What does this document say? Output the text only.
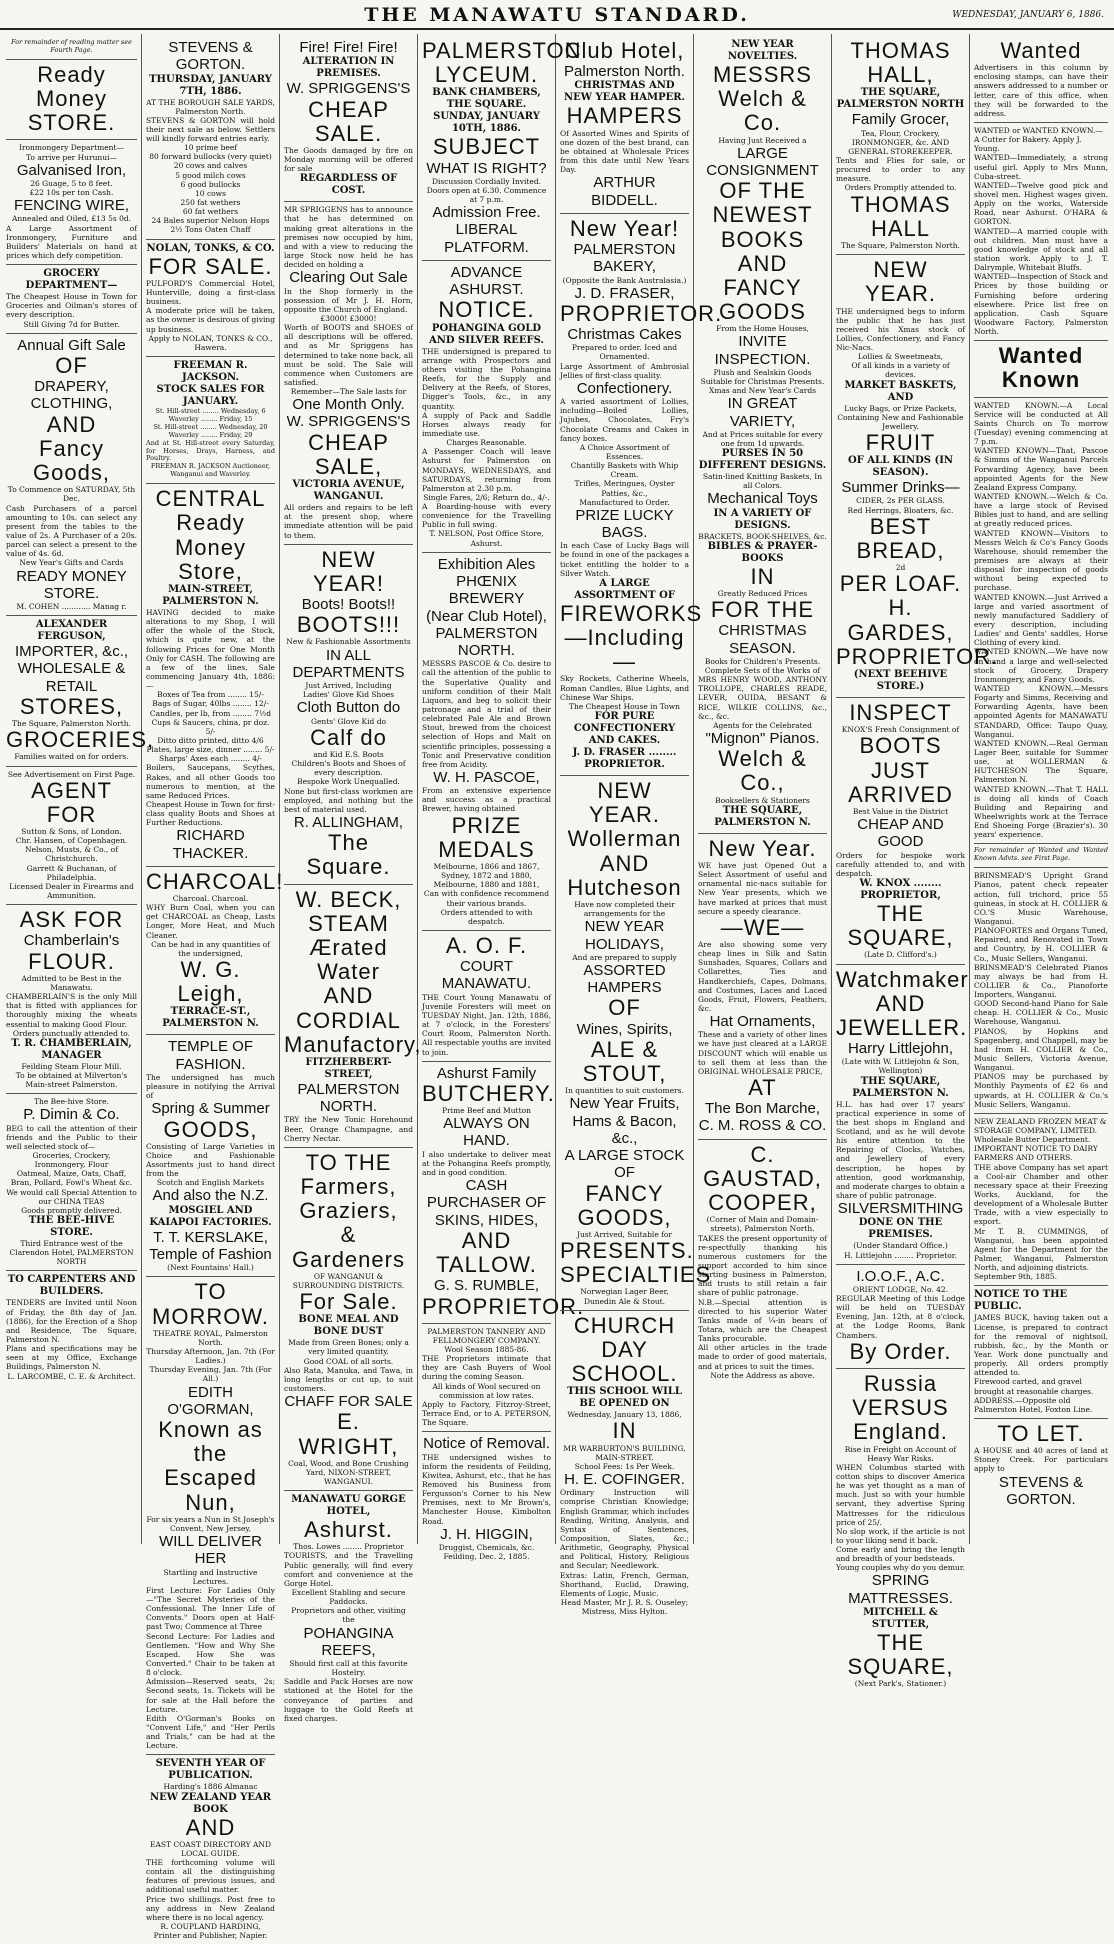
THE MANAWATU STANDARD.	WEDNESDAY, JANUARY 6, 1886.
For remainder of reading matter see Fourth Page.
Ready Money
STORE.
Ironmongery Department—
To arrive per Hurunui—
Galvanised Iron,
26 Guage, 5 to 8 feet.
£22 10s per ton Cash.
FENCING WIRE,
Annealed and Oiled, £13 5s 0d.
A Large Assortment of Ironmongery, Furniture and Builders' Materials on hand at prices which defy competition.
GROCERY DEPARTMENT—
The Cheapest House in Town for Groceries and Oilman's stores of every description.
Still Giving 7d for Butter.
Annual Gift Sale
OF
DRAPERY, CLOTHING,
AND
Fancy Goods,
To Commence on SATURDAY, 5th Dec.
Cash Purchasers of a parcel amounting to 10s. can select any present from the tables to the value of 2s. A Purchaser of a 20s. parcel can select a present to the value of 4s. 6d.
New Year's Gifts and Cards
READY MONEY STORE.
M. COHEN ............ Manag r.
ALEXANDER FERGUSON,
IMPORTER, &c.,
WHOLESALE & RETAIL
STORES,
The Square, Palmerston North.
GROCERIES,
Families waited on for orders.
See Advertisement on First Page.
AGENT FOR
Sutton & Sons, of London.
Chr. Hansen, of Copenhagen.
Nelson, Musts, & Co., of Christchurch.
Garrett & Buchanan, of Philadelphia.
Licensed Dealer in Firearms and Ammunition.
ASK FOR
Chamberlain's
FLOUR.
Admitted to be Best in the Manawatu.
CHAMBERLAIN'S is the only Mill that is fitted with appliances for thoroughly mixing the wheats essential to making Good Flour.
Orders punctually attended to.
T. R. CHAMBERLAIN, MANAGER
Feilding Steam Flour Mill.
To be obtained at Milverton's Main-street Palmerston.
The Bee-hive Store.
P. Dimin & Co.
BEG to call the attention of their friends and the Public to their well selected stock of—
Groceries, Crockery, Ironmongery, Flour
Oatmeal, Maize, Oats, Chaff, Bran, Pollard, Fowl's Wheat &c.
We would call Special Attention to our CHINA TEAS
Goods promptly delivered.
THE BEE-HIVE STORE.
Third Entrance west of the Clarendon Hotel, PALMERSTON NORTH
TO CARPENTERS AND BUILDERS.
TENDERS are Invited until Noon of Friday, the 8th day of Jan. (1886), for the Erection of a Shop and Residence, The Square, Palmerston N.
Plans and specifications may be seen at my Office, Exchange Buildings, Palmerston N.
L. LARCOMBE, C. E. & Architect.
STEVENS & GORTON.
THURSDAY, JANUARY 7TH, 1886.
AT THE BOROUGH SALE YARDS, Palmerston North.
STEVENS & GORTON will hold their next sale as below. Settlers will kindly forward entries early.
10 prime beef
80 forward bullocks (very quiet)
20 cows and calves
5 good milch cows
6 good bullocks
10 cows
250 fat wethers
60 fat wethers
24 Bales superior Nelson Hops
2½ Tons Oaten Chaff
NOLAN, TONKS, & CO.
FOR SALE.
PULFORD'S Commercial Hotel, Hunterville, doing a first-class business.
A moderate price will be taken, as the owner is desirous of giving up business.
Apply to NOLAN, TONKS & CO., Hawera.
FREEMAN R. JACKSON.
STOCK SALES FOR JANUARY.
St. Hill-street ........ Wednesday, 6
Waverley ........ Friday, 15
St. Hill-street ........ Wednesday, 20
Waverley ........ Friday, 29
And at St. Hill-street every Saturday, for Horses, Drays, Harness, and Poultry.
FREEMAN R. JACKSON Auctioneer, Wanganui and Waverley.
CENTRAL
Ready Money
Store,
MAIN-STREET, PALMERSTON N.
HAVING decided to make alterations to my Shop, I will offer the whole of the Stock, which is quite new, at the following Prices for One Month Only for CASH. The following are a few of the lines, Sale commencing January 4th, 1886:—
Boxes of Tea from ........ 15/-
Bags of Sugar, 40lbs ........ 12/-
Candles, per lb, from ........ 7½d
Cups & Saucers, china, pr doz. 5/-
Ditto ditto printed, ditto 4/6
Plates, large size, dinner ........ 5/-
Sharps' Axes each ........ 4/-
Boilers, Saucepans, Scythes, Rakes, and all other Goods too numerous to mention, at the same Reduced Prices.
Cheapest House in Town for first-class quality Boots and Shoes at Further Reductions.
RICHARD THACKER.
CHARCOAL!
Charcoal. Charcoal.
WHY Burn Coal, when you can get CHARCOAL as Cheap, Lasts Longer, More Heat, and Much Cleaner.
Can be had in any quantities of the undersigned,
W. G. Leigh,
TERRACE-ST., PALMERSTON N.
TEMPLE OF FASHION.
The undersigned has much pleasure in notifying the Arrival of
Spring & Summer
GOODS,
Consisting of Large Varieties in Choice and Fashionable Assortments just to hand direct from the
Scotch and English Markets
And also the N.Z.
MOSGIEL AND KAIAPOI FACTORIES.
T. T. KERSLAKE,
Temple of Fashion
(Next Fountains' Hall.)
TO MORROW.
THEATRE ROYAL, Palmerston North.
Thursday Afternoon, Jan. 7th (For Ladies.)
Thursday Evening, Jan. 7th (For All.)
EDITH O'GORMAN,
Known as the
Escaped Nun,
For six years a Nun in St Joseph's Convent, New Jersey,
WILL DELIVER HER
Startling and Instructive Lectures.
First Lecture: For Ladies Only—"The Secret Mysteries of the Confessional. The Inner Life of Convents." Doors open at Half-past Two; Commence at Three
Second Lecture: For Ladies and Gentlemen. "How and Why She Escaped. How She was Converted." Chair to be taken at 8 o'clock.
Admission—Reserved seats, 2s; Second seats, 1s. Tickets will be for sale at the Hall before the Lecture.
Edith O'Gorman's Books on "Convent Life," and "Her Perils and Trials," can be had at the Lecture.
SEVENTH YEAR OF PUBLICATION.
Harding's 1886 Almanac
NEW ZEALAND YEAR BOOK
AND
EAST COAST DIRECTORY AND LOCAL GUIDE.
THE forthcoming volume will contain all the distinguishing features of previous issues, and additional useful matter.
Price two shillings. Post free to any address in New Zealand where there is no local agency.
R. COUPLAND HARDING, Printer and Publisher, Napier.
Fire! Fire! Fire!
ALTERATION IN PREMISES.
W. SPRIGGENS'S
CHEAP SALE.
The Goods damaged by fire on Monday morning will be offered for sale
REGARDLESS OF COST.
MR SPRIGGENS has to announce that he has determined on making great alterations in the premises now occupied by him, and with a view to reducing the large Stock now held he has decided on holding a
Clearing Out Sale
In the Shop formerly in the possession of Mr J. H. Horn, opposite the Church of England.
£3000! £3000!
Worth of BOOTS and SHOES of all descriptions will be offered, and as Mr Spriggens has determined to take none back, all must be sold. The Sale will commence when Customers are satisfied.
Remember—The Sale lasts for
One Month Only.
W. SPRIGGENS'S
CHEAP SALE,
VICTORIA AVENUE, WANGANUI.
All orders and repairs to be left at the present shop, where immediate attention will be paid to them.
NEW YEAR!
Boots! Boots!!
BOOTS!!!
New & Fashionable Assortments
IN ALL DEPARTMENTS
Just Arrived, Including
Ladies' Glove Kid Shoes
Cloth Button do
Gents' Glove Kid do
Calf do
and Kid E.S. Boots
Children's Boots and Shoes of every description.
Bespoke Work Unequalled.
None but first-class workmen are employed, and nothing but the best of material used.
R. ALLINGHAM,
The Square.
W. BECK,
STEAM
Ærated Water
AND
CORDIAL
Manufactory,
FITZHERBERT-STREET,
PALMERSTON NORTH.
TRY the New Tonic Horehound Beer, Orange Champagne, and Cherry Nectar.
TO THE
Farmers,
Graziers,
& Gardeners
OF WANGANUI & SURROUNDING DISTRICTS.
For Sale.
BONE MEAL AND BONE DUST
Made from Green Bones; only a very limited quantity.
Good COAL of all sorts.
Also Rata, Manuka, and Tawa, in long lengths or cut up, to suit customers.
CHAFF FOR SALE
E. WRIGHT,
Coal, Wood, and Bone Crushing Yard, NIXON-STREET, WANGANUI.
MANAWATU GORGE HOTEL,
Ashurst.
Thos. Lowes ........ Proprietor
TOURISTS, and the Travelling Public generally, will find every comfort and convenience at the Gorge Hotel.
Excellent Stabling and secure Paddocks.
Proprietors and other, visiting the
POHANGINA REEFS,
Should first call at this favorite Hostelry.
Saddle and Pack Horses are now stationed at the Hotel for the conveyance of parties and luggage to the Gold Reefs at fixed charges.
PALMERSTON
LYCEUM.
BANK CHAMBERS, THE SQUARE.
SUNDAY, JANUARY 10TH, 1886.
SUBJECT
WHAT IS RIGHT?
Discussion Cordially Invited.
Doors open at 6.30. Commence at 7 p.m.
Admission Free.
LIBERAL PLATFORM.
ADVANCE ASHURST.
NOTICE.
POHANGINA GOLD AND SILVER REEFS.
THE undersigned is prepared to arrange with Prospectors and others visiting the Pohangina Reefs, for the Supply and Delivery at the Reefs, of Stores, Digger's Tools, &c., in any quantity.
A supply of Pack and Saddle Horses always ready for immediate use.
Charges Reasonable.
A Passenger Coach will leave Ashurst for Palmerston on MONDAYS, WEDNESDAYS, and SATURDAYS, returning from Palmerston at 2.30 p.m.
Single Fares, 2/6; Return do., 4/-.
A Boarding-house with every convenience for the Travelling Public in full swing.
T. NELSON, Post Office Store, Ashurst.
Exhibition Ales
PHŒNIX BREWERY
(Near Club Hotel),
PALMERSTON NORTH.
MESSRS PASCOE & Co. desire to call the attention of the public to the Superlative Quality and uniform condition of their Malt Liquors, and beg to solicit their patronage and a trial of their celebrated Pale Ale and Brown Stout, brewed from the choicest selection of Hops and Malt on scientific principles, possessing a Tonic and Preservative condition free from Acidity.
W. H. PASCOE,
From an extensive experience and success as a practical Brewer, having obtained
PRIZE MEDALS
Melbourne, 1866 and 1867,
Sydney, 1872 and 1880,
Melbourne, 1880 and 1881,
Can with confidence recommend their various brands.
Orders attended to with despatch.
A. O. F.
COURT MANAWATU.
THE Court Young Manawatu of Juvenile Foresters will meet on TUESDAY Night, Jan. 12th, 1886, at 7 o'clock, in the Foresters' Court Room, Palmerston North. All respectable youths are invited to join.
Ashurst Family
BUTCHERY.
Prime Beef and Mutton
ALWAYS ON HAND.
I also undertake to deliver meat at the Pohangina Reefs promptly, and in good condition.
CASH PURCHASER OF
SKINS, HIDES,
AND
TALLOW.
G. S. RUMBLE,
PROPRIETOR.
PALMERSTON TANNERY AND FELLMONGERY COMPANY.
Wool Season 1885-86.
THE Proprietors intimate that they are Cash Buyers of Wool during the coming Season.
All kinds of Wool secured on commission at low rates.
Apply to Factory, Fitzroy-Street, Terrace End, or to A. PETERSON, The Square.
Notice of Removal.
THE undersigned wishes to inform the residents of Feilding, Kiwitea, Ashurst, etc., that he has Removed his Business from Fergusson's Corner to his New Premises, next to Mr Brown's, Manchester House, Kimbolton Road.
J. H. HIGGIN,
Druggist, Chemicals, &c.
Feilding, Dec. 2, 1885.
Club Hotel,
Palmerston North.
CHRISTMAS AND NEW YEAR HAMPER.
HAMPERS
Of Assorted Wines and Spirits of one dozen of the best brand, can be obtained at Wholesale Prices from this date until New Years Day.
ARTHUR BIDDELL.
New Year!
PALMERSTON BAKERY,
(Opposite the Bank Australasia.)
J. D. FRASER,
PROPRIETOR.
Christmas Cakes
Prepared to order. Iced and Ornamented.
Large Assortment of Ambrosial Jellies of first-class quality.
Confectionery.
A varied assortment of Lollies, including—Boiled Lollies, Jujubes, Chocolates, Fry's Chocolate Creams and Cakes in fancy boxes.
A Choice Assortment of Essences.
Chantilly Baskets with Whip Cream.
Trifles, Meringues, Oyster Patties, &c.,
Manufactured to Order.
PRIZE LUCKY BAGS.
In each Case of Lucky Bags will be found in one of the packages a ticket entitling the holder to a Silver Watch.
A LARGE ASSORTMENT OF
FIREWORKS
—Including—
Sky Rockets, Catherine Wheels, Roman Candles, Blue Lights, and Chinese War Ships.
The Cheapest House in Town
FOR PURE CONFECTIONERY AND CAKES.
J. D. FRASER ........ PROPRIETOR.
NEW YEAR.
Wollerman
AND
Hutcheson
Have now completed their arrangements for the
NEW YEAR HOLIDAYS,
And are prepared to supply
ASSORTED HAMPERS
OF
Wines, Spirits,
ALE & STOUT,
In quantities to suit customers.
New Year Fruits,
Hams & Bacon, &c.,
A LARGE STOCK OF
FANCY GOODS,
Just Arrived, Suitable for
PRESENTS.
SPECIALTIES
Norwegian Lager Beer,
Dunedin Ale & Stout.
CHURCH
DAY SCHOOL.
THIS SCHOOL WILL BE OPENED ON
Wednesday, January 13, 1886,
IN
MR WARBURTON'S BUILDING, MAIN-STREET.
School Fees: 1s Per Week.
H. E. COFINGER.
Ordinary Instruction will comprise Christian Knowledge; English Grammar, which includes Reading, Writing, Analysis, and Syntax of Sentences, Composition, Slates, &c.; Arithmetic, Geography, Physical and Political, History, Religious and Secular; Needlework.
Extras: Latin, French, German, Shorthand, Euclid, Drawing, Elements of Logic, Music.
Head Master, Mr J. R. S. Ouseley; Mistress, Miss Hylton.
NEW YEAR NOVELTIES.
MESSRS
Welch & Co.
Having Just Received a
LARGE CONSIGNMENT
OF THE
NEWEST BOOKS
AND
FANCY GOODS
From the Home Houses,
INVITE INSPECTION.
Plush and Sealskin Goods
Suitable for Christmas Presents.
Xmas and New Year's Cards
IN GREAT VARIETY,
And at Prices suitable for every one from 1d upwards.
PURSES IN 50 DIFFERENT DESIGNS.
Satin-lined Knitting Baskets, In all Colors.
Mechanical Toys
IN A VARIETY OF DESIGNS.
BRACKETS, BOOK-SHELVES, &c.
BIBLES & PRAYER-BOOKS
IN
Greatly Reduced Prices
FOR THE
CHRISTMAS SEASON.
Books for Children's Presents.
Complete Sets of the Works of
MRS HENRY WOOD, ANTHONY TROLLOPE, CHARLES READE, LEVER, OUIDA, BESANT & RICE, WILKIE COLLINS, &c., &c., &c.
Agents for the Celebrated
"Mignon" Pianos.
Welch & Co.,
Booksellers & Stationers
THE SQUARE, PALMERSTON N.
New Year.
WE have just Opened Out a Select Assortment of useful and ornamental nic-nacs suitable for New Year presents, which we have marked at prices that must secure a speedy clearance.
—WE—
Are also showing some very cheap lines in Silk and Satin Sunshades, Squares, Collars and Collarettes, Ties and Handkerchiefs, Capes, Dolmans, and Costumes, Laces and Laced Goods, Fruit, Flowers, Feathers, &c.
Hat Ornaments,
These and a variety of other lines we have just cleared at a LARGE DISCOUNT which will enable us to sell them at less than the ORIGINAL WHOLESALE PRICE,
AT
The Bon Marche,
C. M. ROSS & CO.
C. GAUSTAD,
COOPER,
(Corner of Main and Domain-streets), Palmerston North.
TAKES the present opportunity of re-spectfully thanking his numerous customers for the support accorded to him since starting business in Palmerston, and trusts to still retain a fair share of public patronage.
N.B.—Special attention is directed to his superior Water Tanks made of ¼-in bears of Totara, which are the Cheapest Tanks procurable.
All other articles in the trade made to order of good materials, and at prices to suit the times.
Note the Address as above.
THOMAS HALL,
THE SQUARE, PALMERSTON NORTH
Family Grocer,
Tea, Flour, Crockery,
IRONMONGER, &c. AND GENERAL STOREKEEPER.
Tents and Flies for sale, or procured to order to any measure.
Orders Promptly attended to.
THOMAS HALL
The Square, Palmerston North.
NEW YEAR.
THE undersigned begs to inform the public that he has just received his Xmas stock of Lollies, Confectionery, and Fancy Nic-Nacs.
Lollies & Sweetmeats,
Of all kinds in a variety of devices.
MARKET BASKETS, AND
Lucky Bags, or Prize Packets,
Containing New and Fashionable Jewellery.
FRUIT
OF ALL KINDS (IN SEASON).
Summer Drinks—
CIDER, 2s PER GLASS.
Red Herrings, Bloaters, &c.
BEST BREAD,
2d
PER LOAF.
H. GARDES,
PROPRIETOR.
(NEXT BEEHIVE STORE.)
INSPECT
KNOX'S Fresh Consignment of
BOOTS
JUST ARRIVED
Best Value in the District
CHEAP AND GOOD
Orders for bespoke work carefully attended to, and with despatch.
W. KNOX ........ PROPRIETOR,
THE SQUARE,
(Late D. Clifford's.)
Watchmaker
AND
JEWELLER.
Harry Littlejohn,
(Late with W. Littlejohn & Son, Wellington)
THE SQUARE, PALMERSTON N.
H.L. has had over 17 years' practical experience in some of the best shops in England and Scotland, and as he will devote his entire attention to the Repairing of Clocks, Watches, and Jewellery of every description, he hopes by attention, good workmanship, and moderate charges to obtain a share of public patronage.
SILVERSMITHING
DONE ON THE PREMISES.
(Under Standard Office.)
H. Littlejohn ........ Proprietor.
I.O.O.F., A.C.
ORIENT LODGE, No. 42.
REGULAR Meeting of this Lodge will be held on TUESDAY Evening, Jan. 12th, at 8 o'clock, at the Lodge Rooms, Bank Chambers.
By Order.
Russia
VERSUS
England.
Rise in Freight on Account of Heavy War Risks.
WHEN Columbus started with cotton ships to discover America he was yet thought as a man of much. Just so with your humble servant, they advertise Spring Mattresses for the ridiculous price of 25/.
No slop work, if the article is not to your liking send it back.
Come early and bring the length and breadth of your bedsteads.
Young couples why do you demur.
SPRING MATTRESSES.
MITCHELL & STUTTER,
THE SQUARE,
(Next Park's, Stationer.)
Wanted
Advertisers in this column by enclosing stamps, can have their answers addressed to a number or letter, care of this office, when they will be forwarded to the address.
WANTED or WANTED KNOWN.—A Cutter for Bakery. Apply J. Young.
WANTED—Immediately, a strong useful girl. Apply to Mrs Munn, Cuba-street.
WANTED—Twelve good pick and shovel men. Highest wages given. Apply on the works, Waterside Road, near Ashurst. O'HARA & GORTON.
WANTED—A married couple with out children. Man must have a good knowledge of stock and all station work. Apply to J. T. Dalrymple, Whitebait Bluffs.
WANTED—Inspection of Stock and Prices by those building or Furnishing before ordering elsewhere. Price list free on application. Cash Square Woodware Factory, Palmerston North.
Wanted Known
WANTED KNOWN.—A Local Service will be conducted at All Saints Church on To morrow (Tuesday) evening commencing at 7 p.m.
WANTED KNOWN—That, Pascoe & Simms of the Wanganui Parcels Forwarding Agency, have been appointed Agents for the New Zealand Express Company.
WANTED KNOWN.—Welch & Co. have a large stock of Revised Bibles just to hand, and are selling at greatly reduced prices.
WANTED KNOWN—Visitors to Messrs Welch & Co's Fancy Goods Warehouse, should remember the premises are always at their disposal for inspection of goods without being expected to purchase.
WANTED KNOWN.—Just Arrived a large and varied assortment of newly manufactured Saddlery of every description, including Ladies' and Gents' saddles, Horse Clothing of every kind.
WANTED KNOWN.—We have now on hand a large and well-selected stock of Grocery, Drapery Ironmongery, and Fancy Goods.
WANTED KNOWN.—Messrs Fogarty and Simms, Receiving and Forwarding Agents, have been appointed Agents for MANAWATU STANDARD, Office: Taupo Quay, Wanganui.
WANTED KNOWN.—Real German Lager Beer, suitable for Summer use, at WOLLERMAN & HUTCHESON The Square, Palmerston N.
WANTED KNOWN.—That T. HALL is doing all kinds of Coach Building and Repairing and Wheelwrights work at the Terrace End Shoeing Forge (Brazier's). 30 years' experience.
For remainder of Wanted and Wanted Known Advts. see First Page.
BRINSMEAD'S Upright Grand Pianos, patent check repeater action, full trichord, price 55 guineas, in stock at H. COLLIER & CO.'S Music Warehouse, Wanganui.
PIANOFORTES and Organs Tuned, Repaired, and Renovated in Town and Country, by H. COLLIER & Co., Music Sellers, Wanganui.
BRINSMEAD'S Celebrated Pianos may always be had from H. COLLIER & Co., Pianoforte Importers, Wanganui.
GOOD Second-hand Piano for Sale cheap. H. COLLIER & Co., Music Warehouse, Wanganui.
PIANOS, by Hopkins and Spagenberg, and Chappell, may be had from H. COLLIER & Co., Music Sellers, Victoria Avenue, Wanganui.
PIANOS may be purchased by Monthly Payments of £2 6s and upwards, at H. COLLIER & Co.'s Music Sellers, Wanganui.
NEW ZEALAND FROZEN MEAT & STORAGE COMPANY, LIMITED.
Wholesale Butter Department.
IMPORTANT NOTICE TO DAIRY FARMERS AND OTHERS.
THE above Company has set apart a Cool-air Chamber and other necessary space at their Freezing Works, Auckland, for the development of a Wholesale Butter Trade, with a view especially to export.
Mr T. B. CUMMINGS, of Wanganui, has been appointed Agent for the Department for the Palmer, Wanganui, Palmerston North, and adjoining districts.
September 9th, 1885.
NOTICE TO THE PUBLIC.
JAMES BUCK, having taken out a License, is prepared to contract for the removal of nightsoil, rubbish, &c., by the Month or Year. Work done punctually and properly. All orders promptly attended to.
Firewood carted, and gravel brought at reasonable charges.
ADDRESS.—Opposite old Palmerston Hotel, Foxton Line.
TO LET.
A HOUSE and 40 acres of land at Stoney Creek. For particulars apply to
STEVENS & GORTON.
